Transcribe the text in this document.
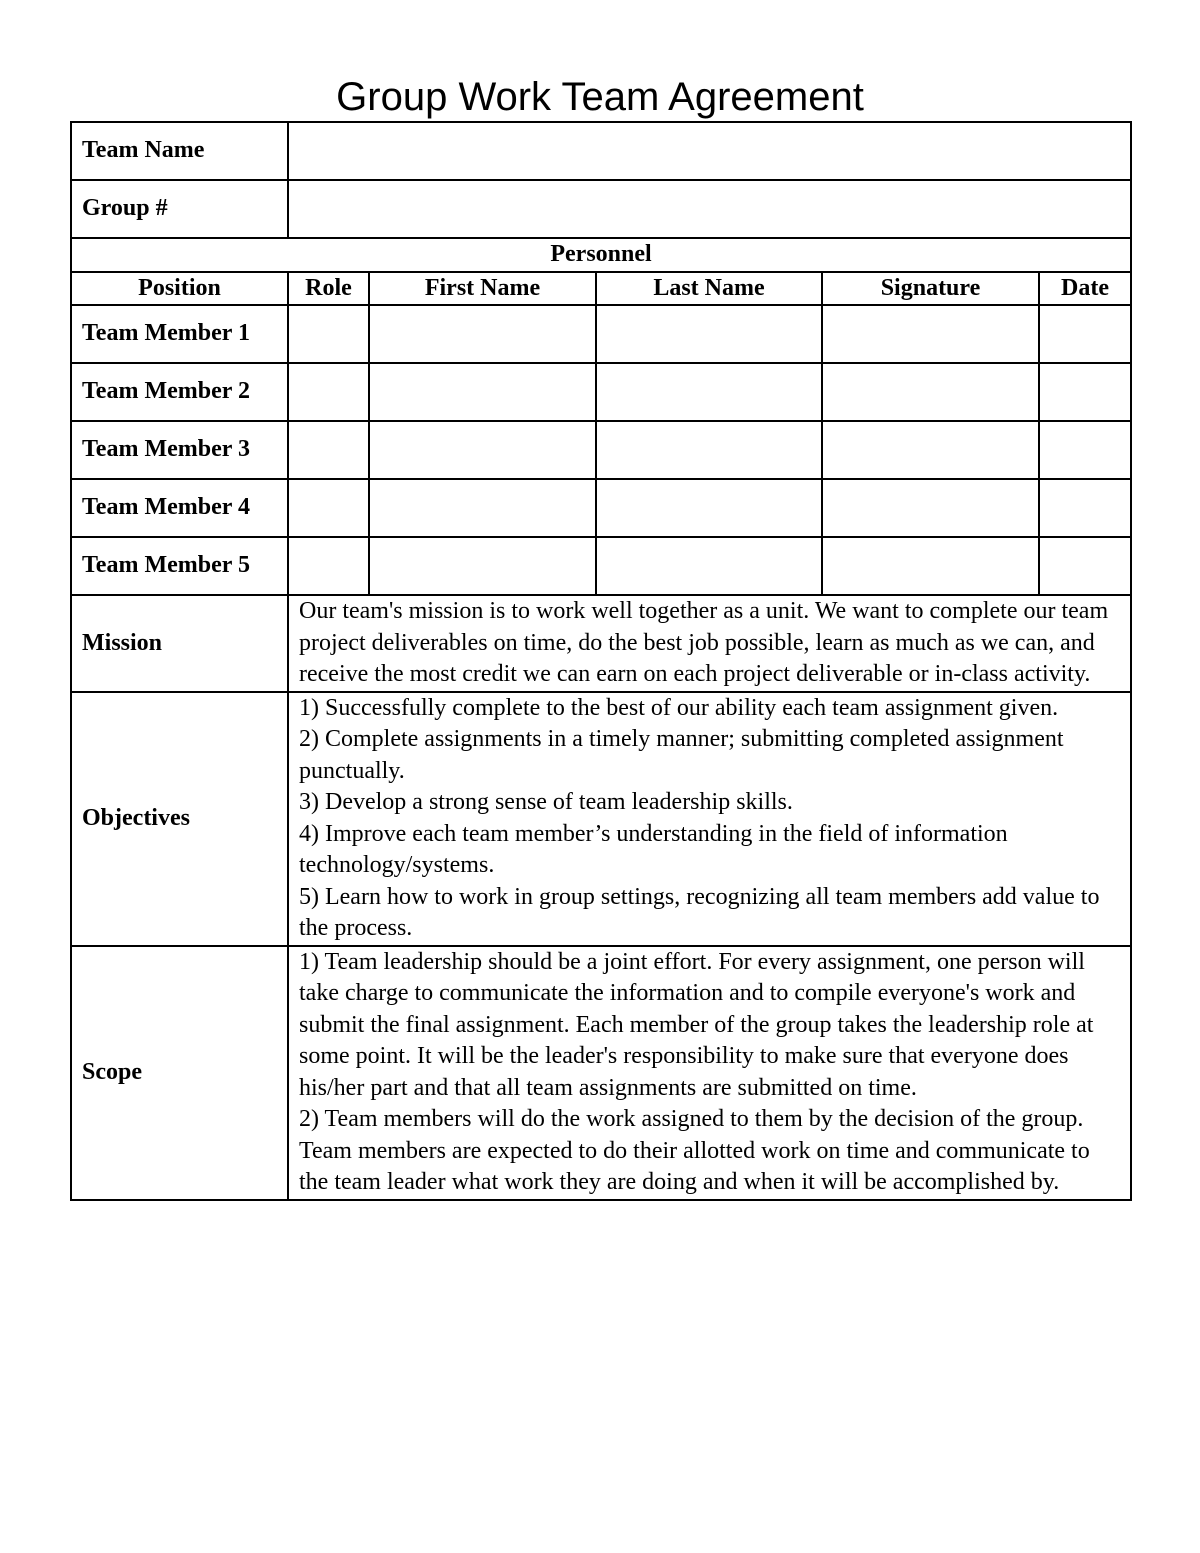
Group Work Team Agreement
Team Name					
Group #					
Personnel					
Position	Role	First Name	Last Name	Signature	Date
Team Member 1					
Team Member 2					
Team Member 3					
Team Member 4					
Team Member 5					
Mission	Our team's mission is to work well together as a unit. We want to complete our team project deliverables on time, do the best job possible, learn as much as we can, and receive the most credit we can earn on each project deliverable or in-class activity.				
Objectives	1) Successfully complete to the best of our ability each team assignment given.

2) Complete assignments in a timely manner; submitting completed assignment punctually.

3) Develop a strong sense of team leadership skills.

4) Improve each team member’s understanding in the field of information technology/systems.

5) Learn how to work in group settings, recognizing all team members add value to the process.				

Scope	1) Team leadership should be a joint effort. For every assignment, one person will take charge to communicate the information and to compile everyone's work and submit the final assignment. Each member of the group takes the leadership role at some point. It will be the leader's responsibility to make sure that everyone does his/her part and that all team assignments are submitted on time.

2) Team members will do the work assigned to them by the decision of the group. Team members are expected to do their allotted work on time and communicate to the team leader what work they are doing and when it will be accomplished by.				
